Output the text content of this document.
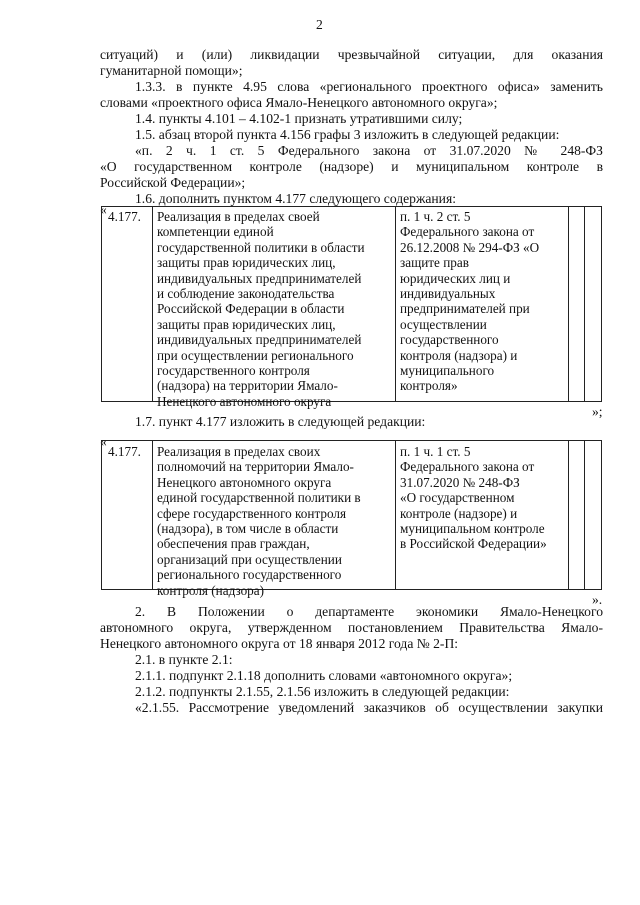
2
ситуаций) и (или) ликвидации чрезвычайной ситуации, для оказания
гуманитарной помощи»;
1.3.3. в пункте 4.95 слова «регионального проектного офиса» заменить
словами «проектного офиса Ямало-Ненецкого автономного округа»;
1.4. пункты 4.101 – 4.102-1 признать утратившими силу;
1.5. абзац второй пункта 4.156 графы 3 изложить в следующей редакции:
«п. 2 ч. 1 ст. 5 Федерального закона от 31.07.2020 № 248-ФЗ
«О государственном контроле (надзоре) и муниципальном контроле в
Российской Федерации»;
1.6. дополнить пунктом 4.177 следующего содержания:
« 4.177. Реализация в пределах своей
компетенции единой
государственной политики в области
защиты прав юридических лиц,
индивидуальных предпринимателей
и соблюдение законодательства
Российской Федерации в области
защиты прав юридических лиц,
индивидуальных предпринимателей
при осуществлении регионального
государственного контроля
(надзора) на территории Ямало-
Ненецкого автономного округа
п. 1 ч. 2 ст. 5
Федерального закона от
26.12.2008 № 294-ФЗ «О
защите прав
юридических лиц и
индивидуальных
предпринимателей при
осуществлении
государственного
контроля (надзора) и
муниципального
контроля»
»;
1.7. пункт 4.177 изложить в следующей редакции:
«
4.177. Реализация в пределах своих
полномочий на территории Ямало-
Ненецкого автономного округа
единой государственной политики в
сфере государственного контроля
(надзора), в том числе в области
обеспечения прав граждан,
организаций при осуществлении
регионального государственного
контроля (надзора)
п. 1 ч. 1 ст. 5
Федерального закона от
31.07.2020 № 248-ФЗ
«О государственном
контроле (надзоре) и
муниципальном контроле
в Российской Федерации»
».
2. В Положении о департаменте экономики Ямало-Ненецкого
автономного округа, утвержденном постановлением Правительства Ямало-
Ненецкого автономного округа от 18 января 2012 года № 2-П:
2.1. в пункте 2.1:
2.1.1. подпункт 2.1.18 дополнить словами «автономного округа»;
2.1.2. подпункты 2.1.55, 2.1.56 изложить в следующей редакции:
«2.1.55. Рассмотрение уведомлений заказчиков об осуществлении закупки
